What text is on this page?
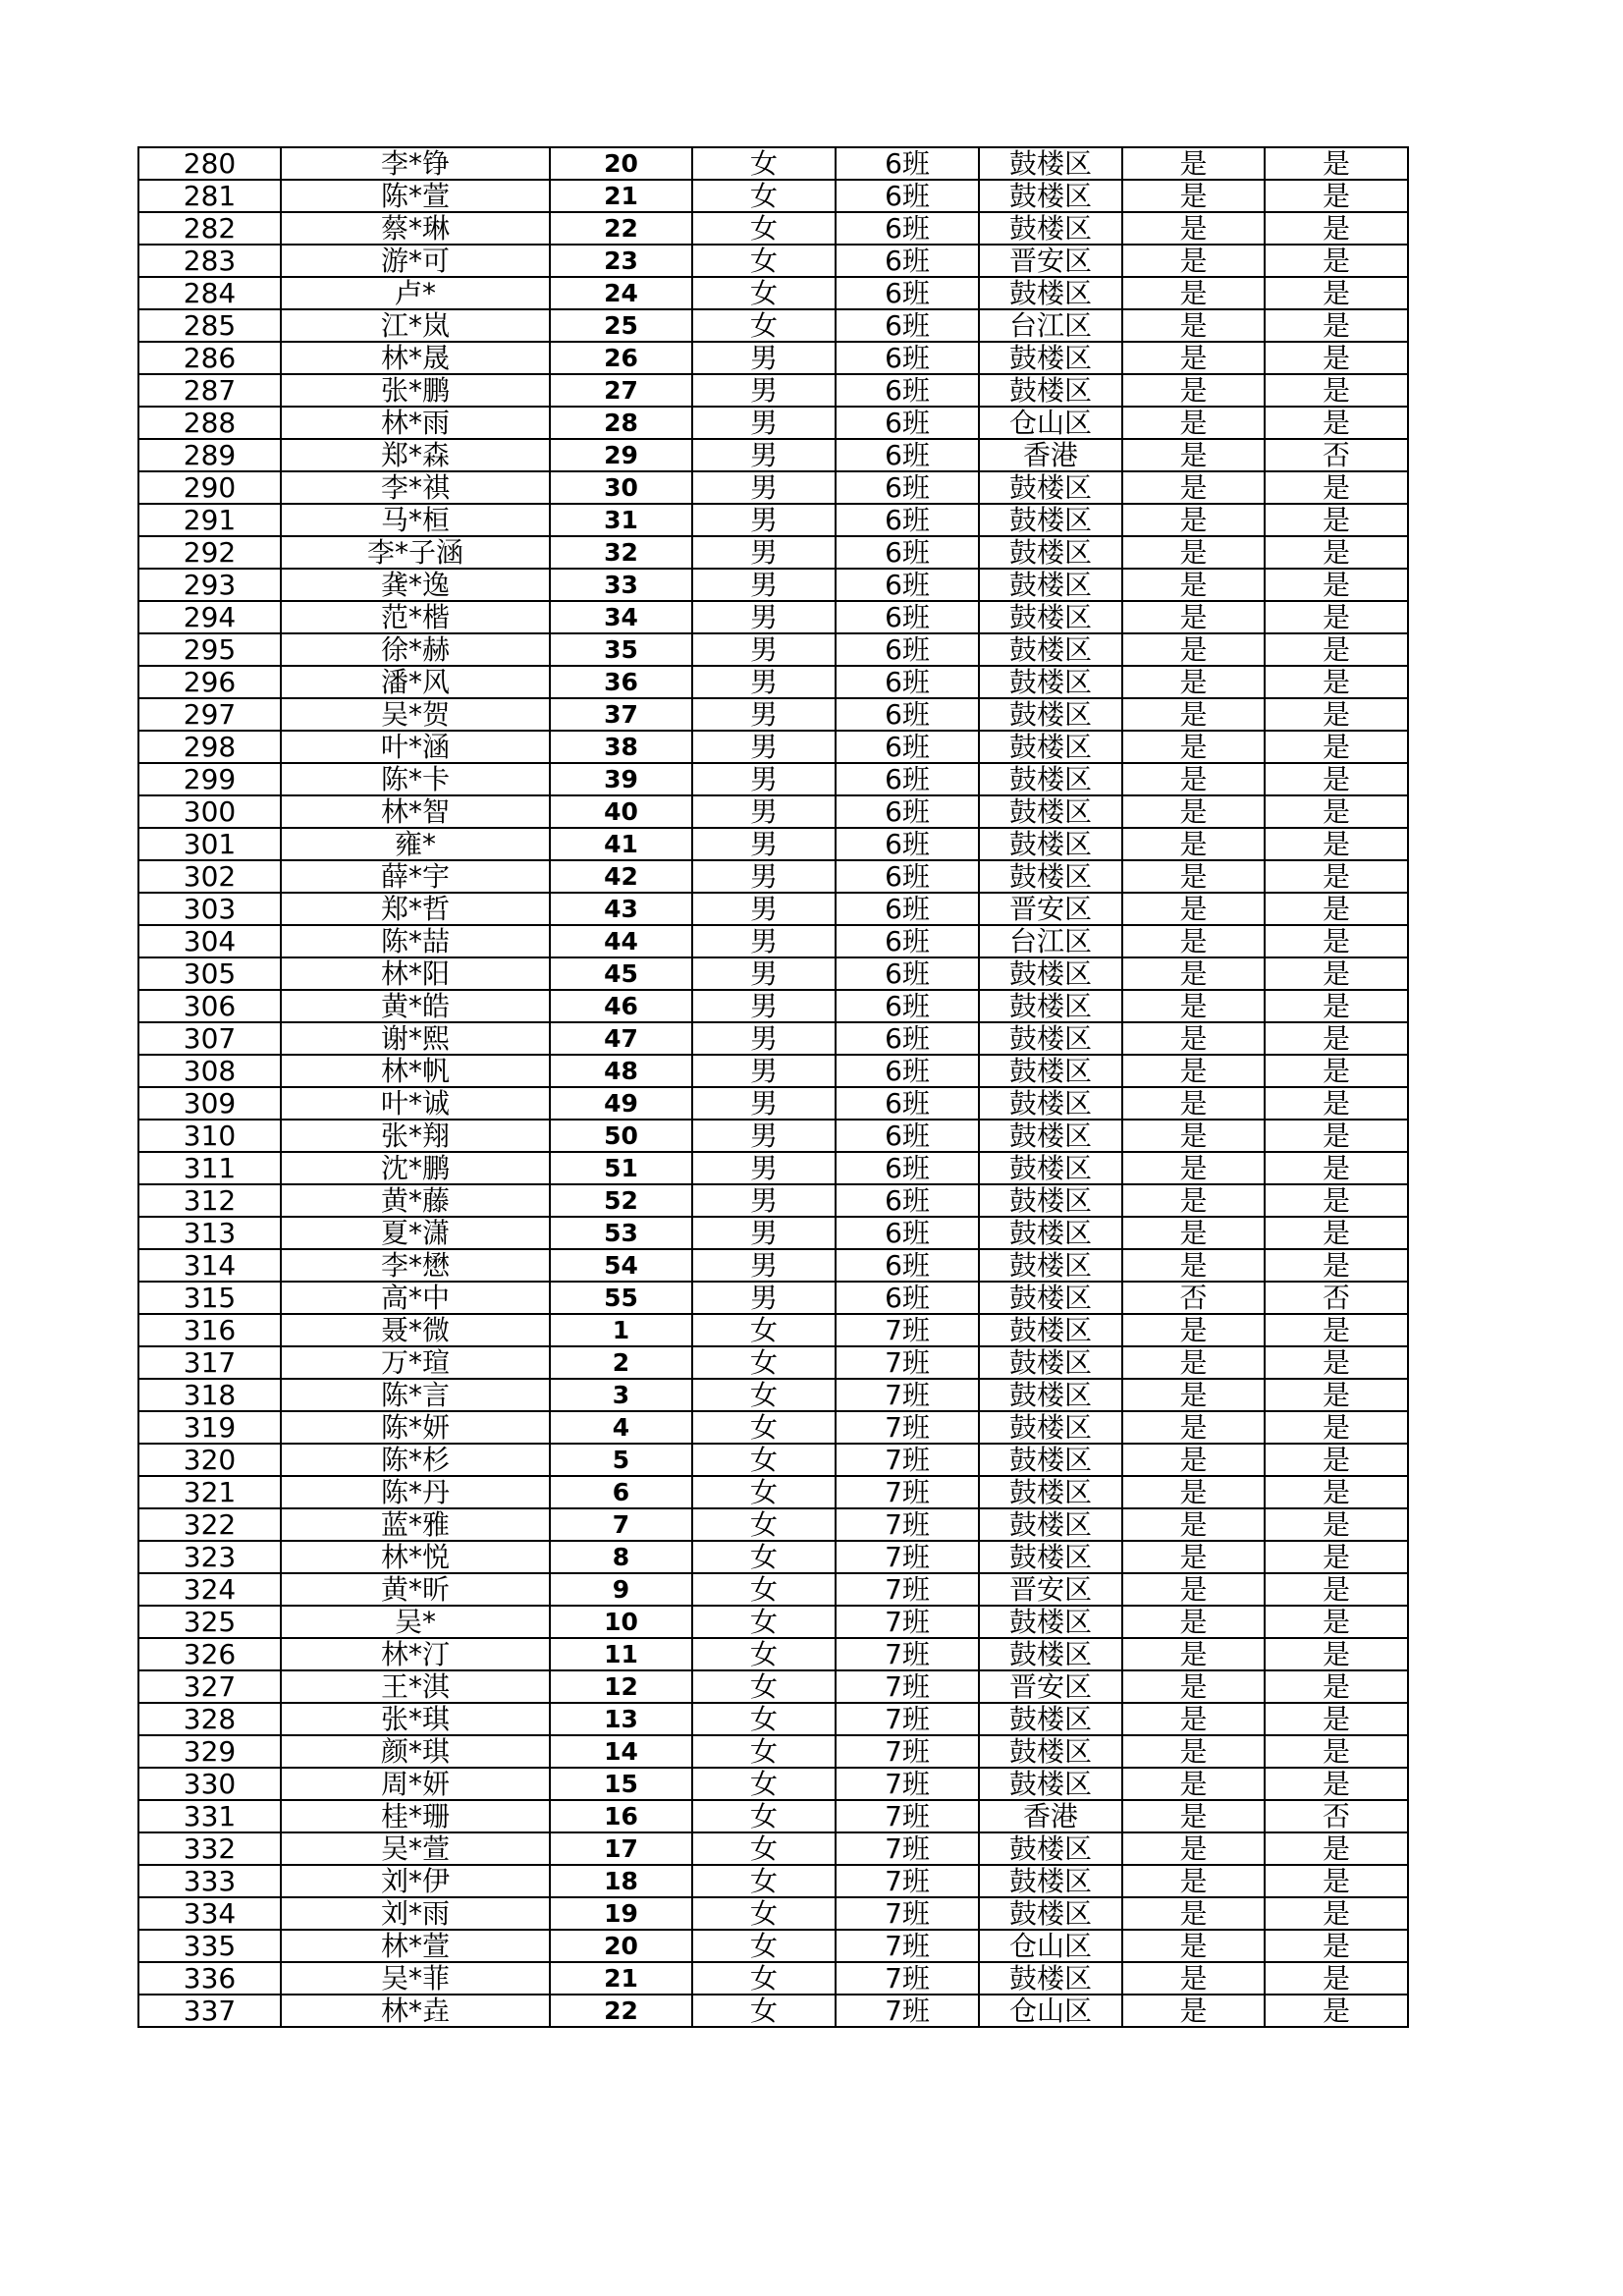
280	李*铮	20	女	6班	鼓楼区	是	是
281	陈*萱	21	女	6班	鼓楼区	是	是
282	蔡*琳	22	女	6班	鼓楼区	是	是
283	游*可	23	女	6班	晋安区	是	是
284	卢*	24	女	6班	鼓楼区	是	是
285	江*岚	25	女	6班	台江区	是	是
286	林*晟	26	男	6班	鼓楼区	是	是
287	张*鹏	27	男	6班	鼓楼区	是	是
288	林*雨	28	男	6班	仓山区	是	是
289	郑*森	29	男	6班	香港	是	否
290	李*祺	30	男	6班	鼓楼区	是	是
291	马*桓	31	男	6班	鼓楼区	是	是
292	李*子涵	32	男	6班	鼓楼区	是	是
293	龚*逸	33	男	6班	鼓楼区	是	是
294	范*楷	34	男	6班	鼓楼区	是	是
295	徐*赫	35	男	6班	鼓楼区	是	是
296	潘*风	36	男	6班	鼓楼区	是	是
297	吴*贺	37	男	6班	鼓楼区	是	是
298	叶*涵	38	男	6班	鼓楼区	是	是
299	陈*卡	39	男	6班	鼓楼区	是	是
300	林*智	40	男	6班	鼓楼区	是	是
301	雍*	41	男	6班	鼓楼区	是	是
302	薛*宇	42	男	6班	鼓楼区	是	是
303	郑*哲	43	男	6班	晋安区	是	是
304	陈*喆	44	男	6班	台江区	是	是
305	林*阳	45	男	6班	鼓楼区	是	是
306	黄*皓	46	男	6班	鼓楼区	是	是
307	谢*熙	47	男	6班	鼓楼区	是	是
308	林*帆	48	男	6班	鼓楼区	是	是
309	叶*诚	49	男	6班	鼓楼区	是	是
310	张*翔	50	男	6班	鼓楼区	是	是
311	沈*鹏	51	男	6班	鼓楼区	是	是
312	黄*藤	52	男	6班	鼓楼区	是	是
313	夏*潇	53	男	6班	鼓楼区	是	是
314	李*懋	54	男	6班	鼓楼区	是	是
315	高*中	55	男	6班	鼓楼区	否	否
316	聂*微	1	女	7班	鼓楼区	是	是
317	万*瑄	2	女	7班	鼓楼区	是	是
318	陈*言	3	女	7班	鼓楼区	是	是
319	陈*妍	4	女	7班	鼓楼区	是	是
320	陈*杉	5	女	7班	鼓楼区	是	是
321	陈*丹	6	女	7班	鼓楼区	是	是
322	蓝*雅	7	女	7班	鼓楼区	是	是
323	林*悦	8	女	7班	鼓楼区	是	是
324	黄*昕	9	女	7班	晋安区	是	是
325	吴*	10	女	7班	鼓楼区	是	是
326	林*汀	11	女	7班	鼓楼区	是	是
327	王*淇	12	女	7班	晋安区	是	是
328	张*琪	13	女	7班	鼓楼区	是	是
329	颜*琪	14	女	7班	鼓楼区	是	是
330	周*妍	15	女	7班	鼓楼区	是	是
331	桂*珊	16	女	7班	香港	是	否
332	吴*萱	17	女	7班	鼓楼区	是	是
333	刘*伊	18	女	7班	鼓楼区	是	是
334	刘*雨	19	女	7班	鼓楼区	是	是
335	林*萱	20	女	7班	仓山区	是	是
336	吴*菲	21	女	7班	鼓楼区	是	是
337	林*垚	22	女	7班	仓山区	是	是
